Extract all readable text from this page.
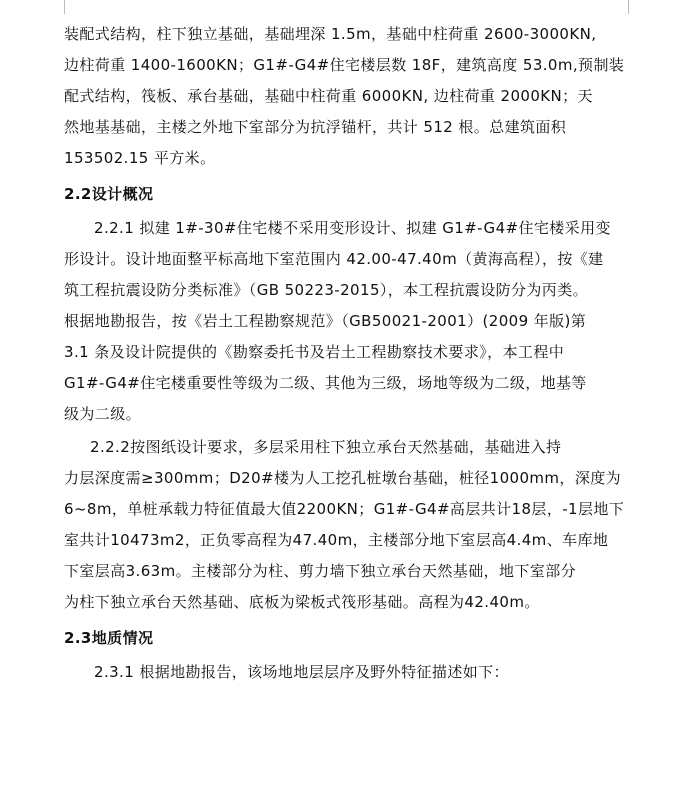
装配式结构，柱下独立基础，基础埋深 1.5m，基础中柱荷重 2600-3000KN,
边柱荷重 1400-1600KN；G1#-G4#住宅楼层数 18F，建筑高度 53.0m,预制装
配式结构，筏板、承台基础，基础中柱荷重 6000KN, 边柱荷重 2000KN；天
然地基基础，主楼之外地下室部分为抗浮锚杆，共计 512 根。总建筑面积
153502.15 平方米。
2.2设计概况
2.2.1 拟建 1#-30#住宅楼不采用变形设计、拟建 G1#-G4#住宅楼采用变
形设计。设计地面整平标高地下室范围内 42.00-47.40m（黄海高程），按《建
筑工程抗震设防分类标准》（GB 50223-2015），本工程抗震设防分为丙类。
根据地勘报告，按《岩土工程勘察规范》（GB50021-2001）(2009 年版)第
3.1 条及设计院提供的《勘察委托书及岩土工程勘察技术要求》，本工程中
G1#-G4#住宅楼重要性等级为二级、其他为三级，场地等级为二级，地基等
级为二级。
2.2.2按图纸设计要求，多层采用柱下独立承台天然基础，基础进入持
力层深度需≥300mm；D20#楼为人工挖孔桩墩台基础，桩径1000mm，深度为
6~8m，单桩承载力特征值最大值2200KN；G1#-G4#高层共计18层，-1层地下
室共计10473m2，正负零高程为47.40m，主楼部分地下室层高4.4m、车库地
下室层高3.63m。主楼部分为柱、剪力墙下独立承台天然基础，地下室部分
为柱下独立承台天然基础、底板为梁板式筏形基础。高程为42.40m。
2.3地质情况
2.3.1 根据地勘报告，该场地地层层序及野外特征描述如下：
